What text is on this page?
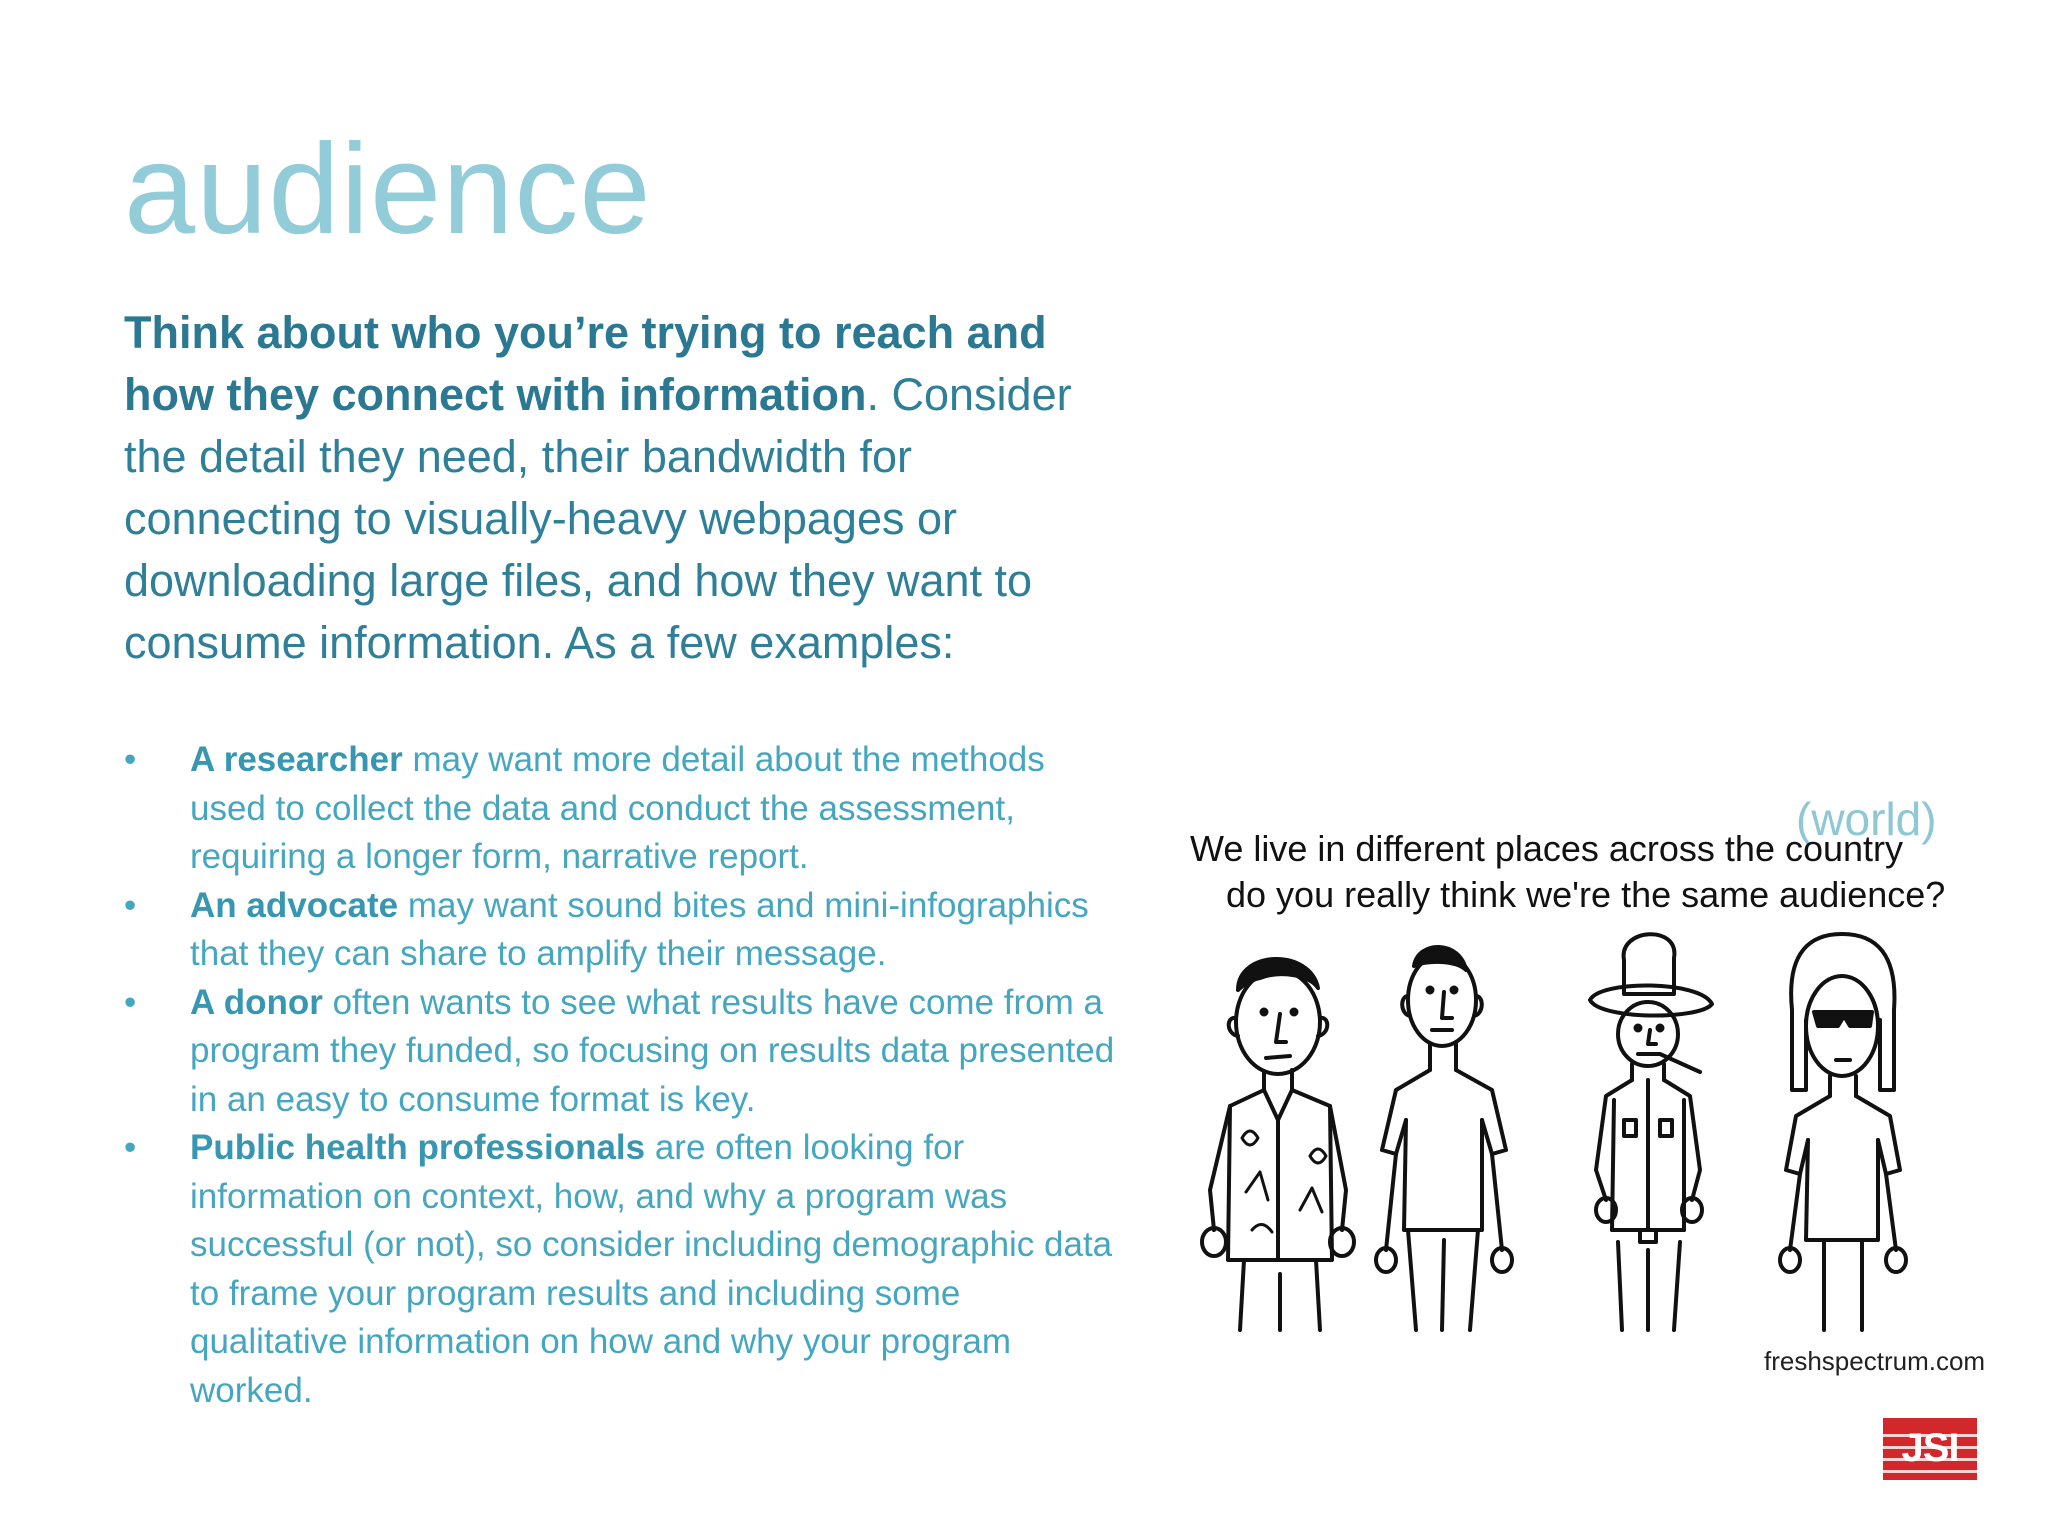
audience

Think about who you’re trying to reach and how they connect with information. Consider the detail they need, their bandwidth for connecting to visually-heavy webpages or downloading large files, and how they want to consume information. As a few examples:

• A researcher may want more detail about the methods used to collect the data and conduct the assessment, requiring a longer form, narrative report.
• An advocate may want sound bites and mini-infographics that they can share to amplify their message.
• A donor often wants to see what results have come from a program they funded, so focusing on results data presented in an easy to consume format is key.
• Public health professionals are often looking for information on context, how, and why a program was successful (or not), so consider including demographic data to frame your program results and including some qualitative information on how and why your program worked.
(world)
We live in different places across the country
do you really think we're the same audience?
freshspectrum.com
JSI
